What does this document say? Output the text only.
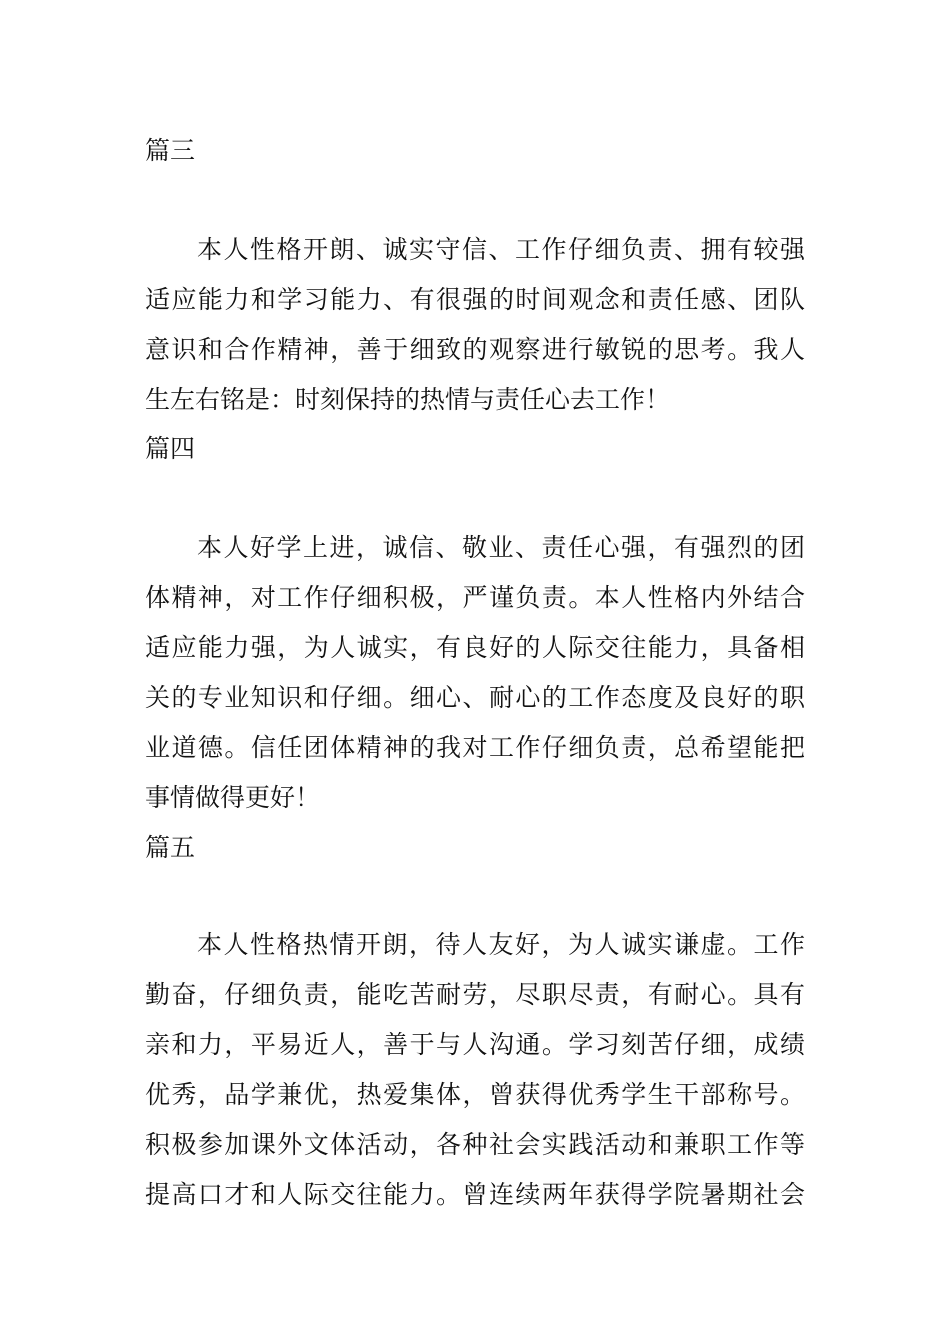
篇三
本人性格开朗、诚实守信、工作仔细负责、拥有较强
适应能力和学习能力、有很强的时间观念和责任感、团队
意识和合作精神，善于细致的观察进行敏锐的思考。我人
生左右铭是：时刻保持的热情与责任心去工作！
篇四
本人好学上进，诚信、敬业、责任心强，有强烈的团
体精神，对工作仔细积极，严谨负责。本人性格内外结合
适应能力强，为人诚实，有良好的人际交往能力，具备相
关的专业知识和仔细。细心、耐心的工作态度及良好的职
业道德。信任团体精神的我对工作仔细负责，总希望能把
事情做得更好！
篇五
本人性格热情开朗，待人友好，为人诚实谦虚。工作
勤奋，仔细负责，能吃苦耐劳，尽职尽责，有耐心。具有
亲和力，平易近人，善于与人沟通。学习刻苦仔细，成绩
优秀，品学兼优，热爱集体，曾获得优秀学生干部称号。
积极参加课外文体活动，各种社会实践活动和兼职工作等
提高口才和人际交往能力。曾连续两年获得学院暑期社会
